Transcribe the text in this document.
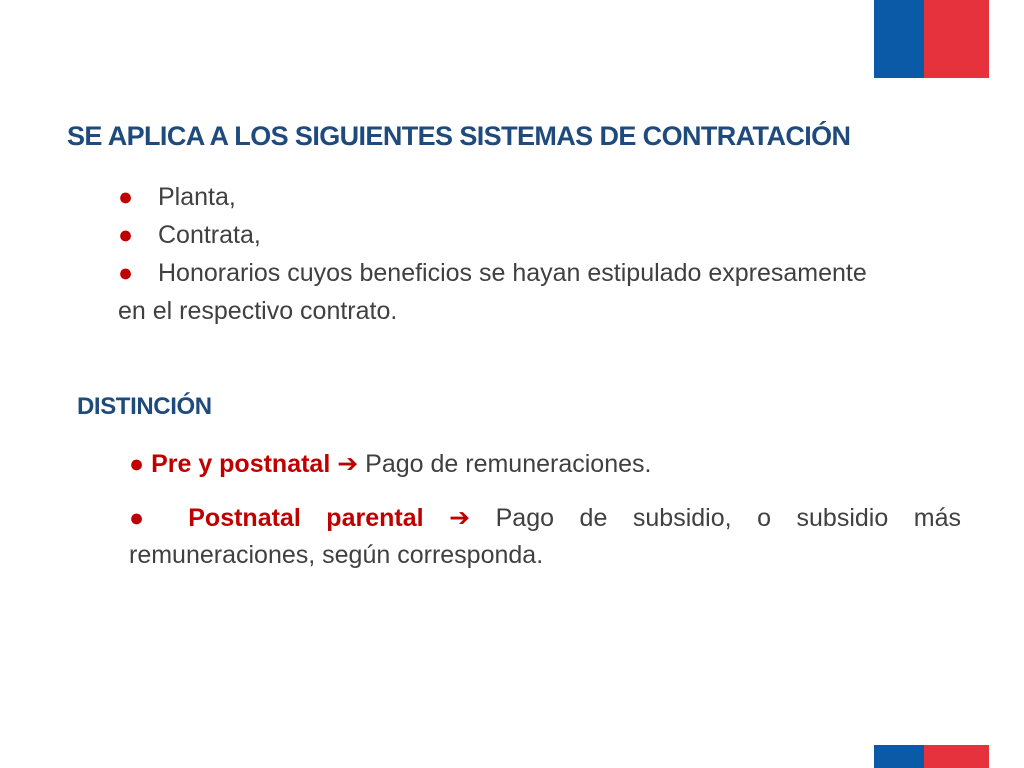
SE APLICA A LOS SIGUIENTES SISTEMAS DE CONTRATACIÓN
● Planta,
● Contrata,
● Honorarios cuyos beneficios se hayan estipulado expresamente
en el respectivo contrato.
DISTINCIÓN

● Pre y postnatal ➔ Pago de remuneraciones.

● Postnatal parental ➔ Pago de subsidio, o subsidio más remuneraciones, según corresponda.
